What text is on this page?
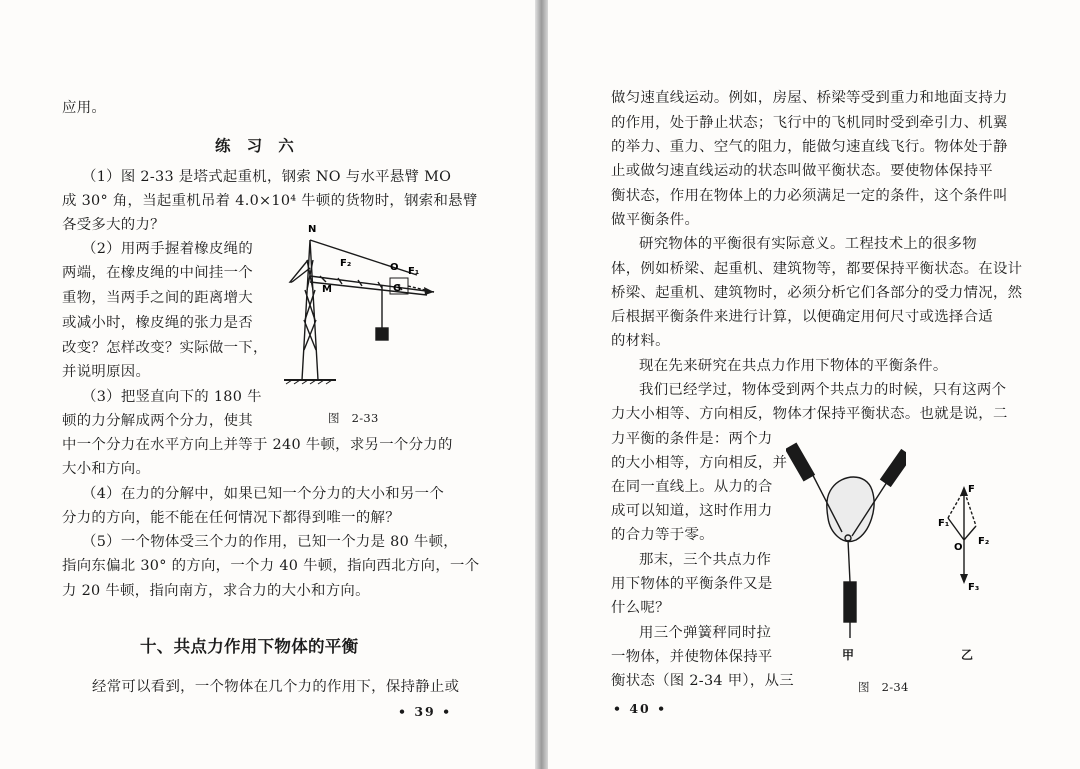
应用。
练　习　六
（1）图 2-33 是塔式起重机，钢索 NO 与水平悬臂 MO
成 30° 角，当起重机吊着 4.0×10⁴ 牛顿的货物时，钢索和悬臂
各受多大的力？
（2）用两手握着橡皮绳的
两端，在橡皮绳的中间挂一个
重物，当两手之间的距离增大
或减小时，橡皮绳的张力是否
改变？怎样改变？实际做一下，
并说明原因。
（3）把竖直向下的 180 牛
顿的力分解成两个分力，使其
中一个分力在水平方向上并等于 240 牛顿，求另一个分力的
大小和方向。
（4）在力的分解中，如果已知一个分力的大小和另一个
分力的方向，能不能在任何情况下都得到唯一的解？
（5）一个物体受三个力的作用，已知一个力是 80 牛顿，
指向东偏北 30° 的方向，一个力 40 牛顿，指向西北方向，一个
力 20 牛顿，指向南方，求合力的大小和方向。
十、共点力作用下物体的平衡
经常可以看到，一个物体在几个力的作用下，保持静止或
N
F₂	O F₁
M	G
图　2-33
• 39 •
做匀速直线运动。例如，房屋、桥梁等受到重力和地面支持力
的作用，处于静止状态；飞行中的飞机同时受到牵引力、机翼
的举力、重力、空气的阻力，能做匀速直线飞行。物体处于静
止或做匀速直线运动的状态叫做平衡状态。要使物体保持平
衡状态，作用在物体上的力必须满足一定的条件，这个条件叫
做平衡条件。
研究物体的平衡很有实际意义。工程技术上的很多物
体，例如桥梁、起重机、建筑物等，都要保持平衡状态。在设计
桥梁、起重机、建筑物时，必须分析它们各部分的受力情况，然
后根据平衡条件来进行计算，以便确定用何尺寸或选择合适
的材料。
现在先来研究在共点力作用下物体的平衡条件。
我们已经学过，物体受到两个共点力的时候，只有这两个
力大小相等、方向相反，物体才保持平衡状态。也就是说，二
力平衡的条件是：两个力
的大小相等，方向相反，并
在同一直线上。从力的合
成可以知道，这时作用力
的合力等于零。
那末，三个共点力作
用下物体的平衡条件又是
什么呢？
用三个弹簧秤同时拉
一物体，并使物体保持平
衡状态（图 2-34 甲），从三
F
F₁
O
F₂
F₃
甲	乙
图　2-34
• 40 •
